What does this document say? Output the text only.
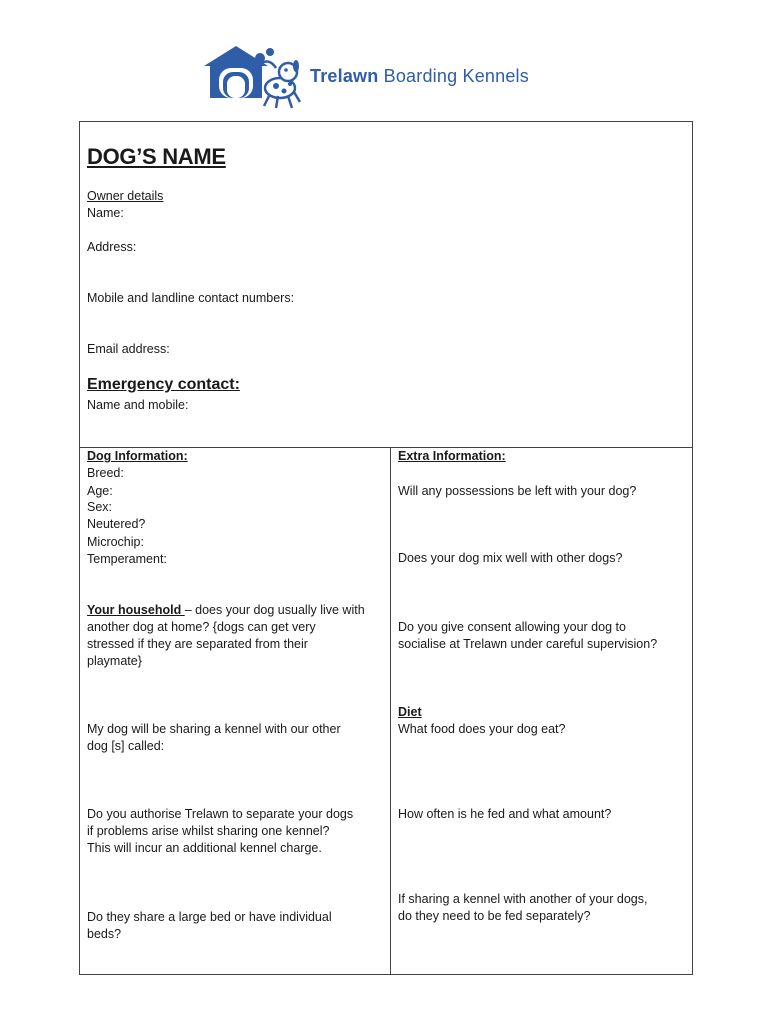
Trelawn Boarding Kennels
DOG’S NAME
Owner details
Name:
Address:
Mobile and landline contact numbers:
Email address:
Emergency contact:
Name and mobile:
Dog Information:
Breed:
Age:
Sex:
Neutered?
Microchip:
Temperament:
Your household – does your dog usually live with
another dog at home? {dogs can get very
stressed if they are separated from their
playmate}
My dog will be sharing a kennel with our other
dog [s] called:
Do you authorise Trelawn to separate your dogs
if problems arise whilst sharing one kennel?
This will incur an additional kennel charge.
Do they share a large bed or have individual
beds?
Extra Information:
Will any possessions be left with your dog?
Does your dog mix well with other dogs?
Do you give consent allowing your dog to
socialise at Trelawn under careful supervision?
Diet
What food does your dog eat?
How often is he fed and what amount?
If sharing a kennel with another of your dogs,
do they need to be fed separately?
